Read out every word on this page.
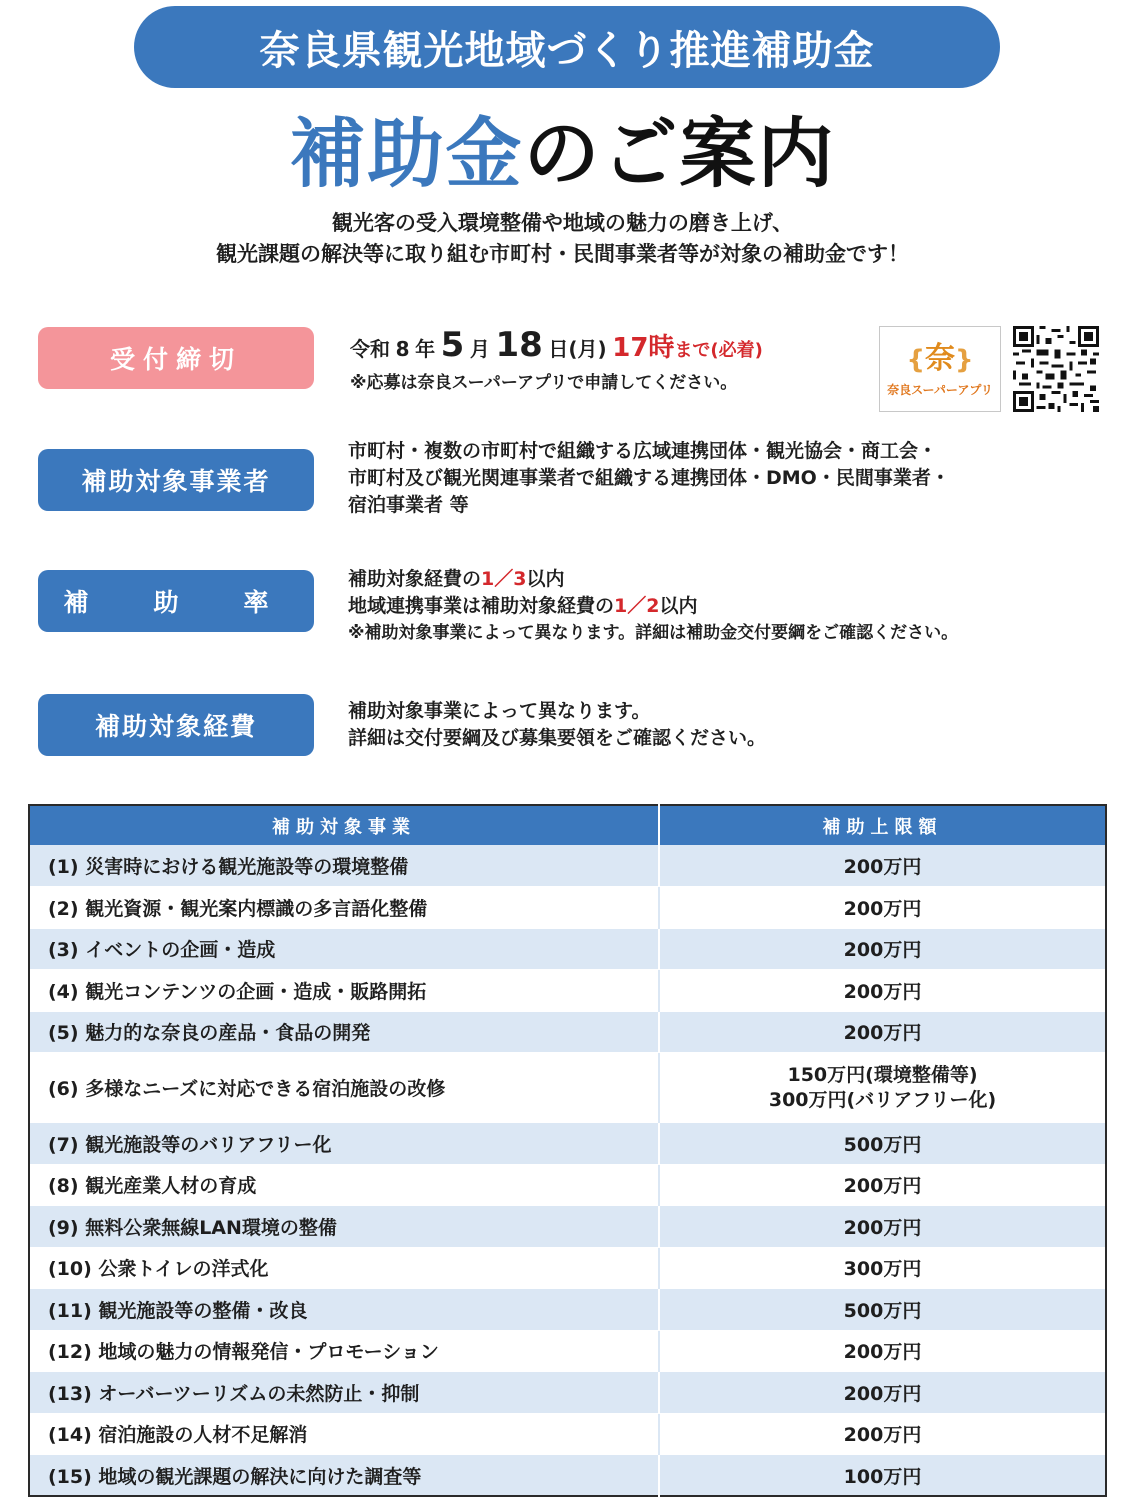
奈良県観光地域づくり推進補助金
補助金のご案内
観光客の受入環境整備や地域の魅力の磨き上げ、
観光課題の解決等に取り組む市町村・民間事業者等が対象の補助金です！
受付締切	令和 8 年 5 月 18 日(月) 17時まで(必着)
※応募は奈良スーパーアプリで申請してください。
{奈}
奈良スーパーアプリ
補助対象事業者
市町村・複数の市町村で組織する広域連携団体・観光協会・商工会・
市町村及び観光関連事業者で組織する連携団体・DMO・民間事業者・
宿泊事業者 等
補　助　率
補助対象経費の1／3以内
地域連携事業は補助対象経費の1／2以内
※補助対象事業によって異なります。詳細は補助金交付要綱をご確認ください。
補助対象経費
補助対象事業によって異なります。
詳細は交付要綱及び募集要領をご確認ください。
補助対象事業	補助上限額
(1) 災害時における観光施設等の環境整備	200万円
(2) 観光資源・観光案内標識の多言語化整備	200万円
(3) イベントの企画・造成	200万円
(4) 観光コンテンツの企画・造成・販路開拓	200万円
(5) 魅力的な奈良の産品・食品の開発	200万円
(6) 多様なニーズに対応できる宿泊施設の改修	150万円(環境整備等)
300万円(バリアフリー化)

(7) 観光施設等のバリアフリー化	500万円
(8) 観光産業人材の育成	200万円
(9) 無料公衆無線LAN環境の整備	200万円
(10) 公衆トイレの洋式化	300万円
(11) 観光施設等の整備・改良	500万円
(12) 地域の魅力の情報発信・プロモーション	200万円
(13) オーバーツーリズムの未然防止・抑制	200万円
(14) 宿泊施設の人材不足解消	200万円
(15) 地域の観光課題の解決に向けた調査等	100万円
